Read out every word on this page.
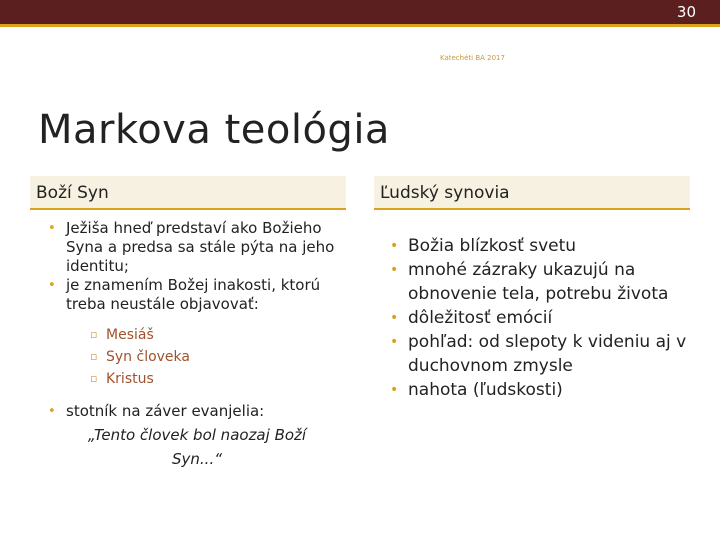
30
Katechéti BA 2017
Markova teológia
Boží Syn	Ľudský synovia
• Ježiša hneď predstaví ako Božieho Syna a predsa sa stále pýta na jeho identitu;
• je znamením Božej inakosti, ktorú treba neustále objavovať:
▫ Mesiáš
▫ Syn človeka
▫ Kristus
• stotník na záver evanjelia:
„Tento človek bol naozaj Boží Syn...“
• Božia blízkosť svetu
• mnohé zázraky ukazujú na obnovenie tela, potrebu života
• dôležitosť emócií
• pohľad: od slepoty k videniu aj v duchovnom zmysle
• nahota (ľudskosti)
